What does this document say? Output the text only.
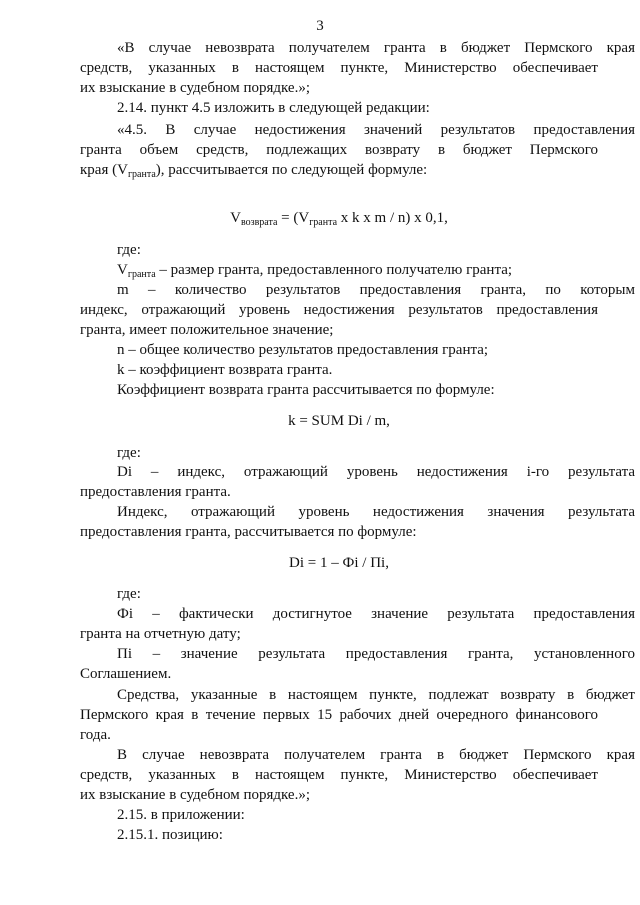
3
«В случае невозврата получателем гранта в бюджет Пермского края
средств, указанных в настоящем пункте, Министерство обеспечивает
их взыскание в судебном порядке.»;
2.14. пункт 4.5 изложить в следующей редакции:
«4.5. В случае недостижения значений результатов предоставления
гранта объем средств, подлежащих возврату в бюджет Пермского
края $(V_{гранта})$, рассчитывается по следующей формуле:
$V_{возврата} = (V_{гранта}$ x k x m / n) x 0,1,
где:
$V_{гранта}$ – размер гранта, предоставленного получателю гранта;
m – количество результатов предоставления гранта, по которым
индекс, отражающий уровень недостижения результатов предоставления
гранта, имеет положительное значение;
n – общее количество результатов предоставления гранта;
k – коэффициент возврата гранта.
Коэффициент возврата гранта рассчитывается по формуле:
k = SUM Di / m,
где:
Di – индекс, отражающий уровень недостижения i-го результата
предоставления гранта.
Индекс, отражающий уровень недостижения значения результата
предоставления гранта, рассчитывается по формуле:
Di = 1 – Фi / Пi,
где:
Фi – фактически достигнутое значение результата предоставления
гранта на отчетную дату;
Пi – значение результата предоставления гранта, установленного
Соглашением.
Средства, указанные в настоящем пункте, подлежат возврату в бюджет
Пермского края в течение первых 15 рабочих дней очередного финансового
года.
В случае невозврата получателем гранта в бюджет Пермского края
средств, указанных в настоящем пункте, Министерство обеспечивает
их взыскание в судебном порядке.»;
2.15. в приложении:
2.15.1. позицию:
